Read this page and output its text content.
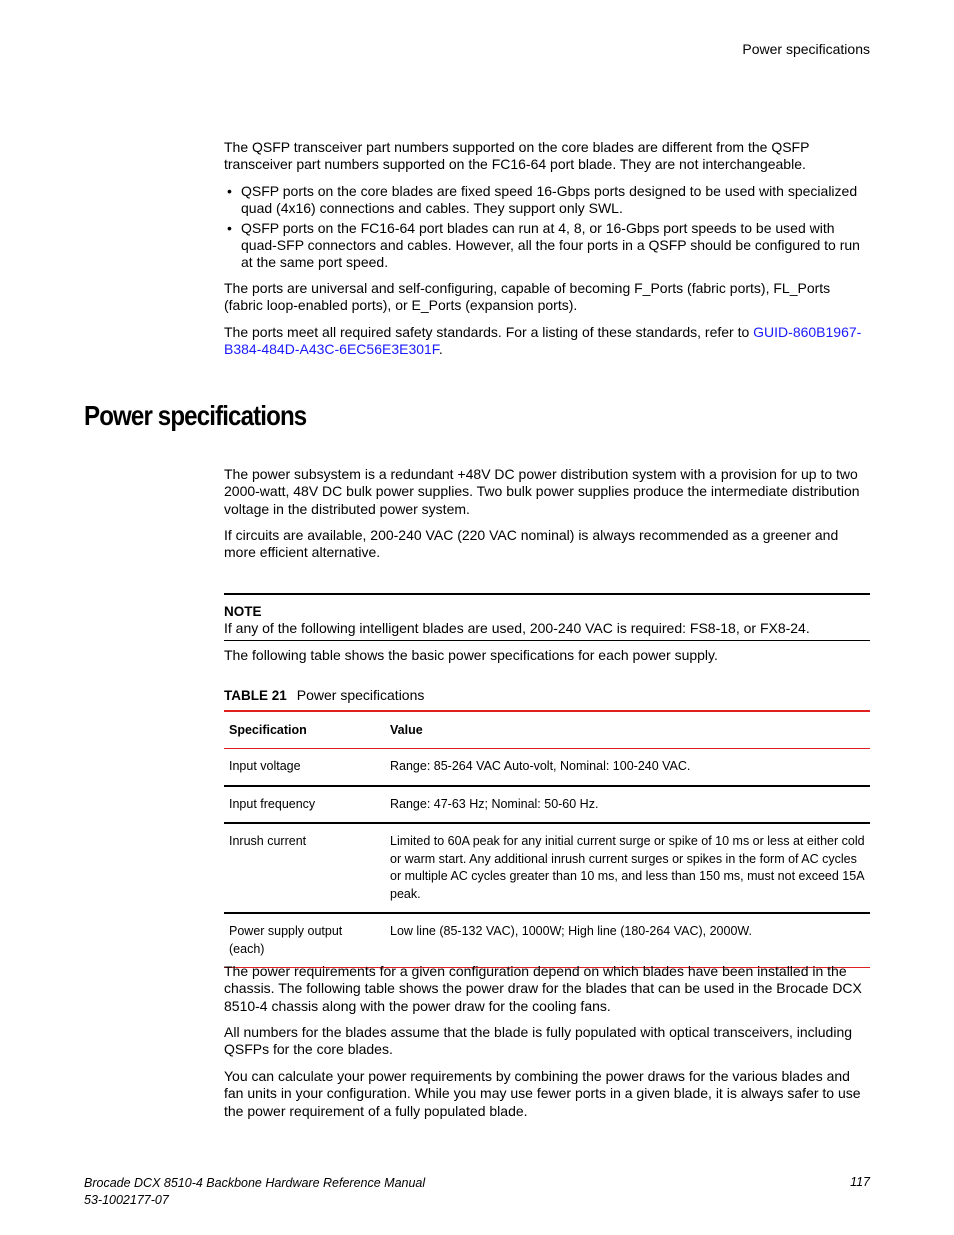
Power specifications

The QSFP transceiver part numbers supported on the core blades are different from the QSFP transceiver part numbers supported on the FC16-64 port blade. They are not interchangeable.

• QSFP ports on the core blades are fixed speed 16-Gbps ports designed to be used with specialized quad (4x16) connections and cables. They support only SWL.
• QSFP ports on the FC16-64 port blades can run at 4, 8, or 16-Gbps port speeds to be used with quad-SFP connectors and cables. However, all the four ports in a QSFP should be configured to run at the same port speed.

The ports are universal and self-configuring, capable of becoming F_Ports (fabric ports), FL_Ports (fabric loop-enabled ports), or E_Ports (expansion ports).

The ports meet all required safety standards. For a listing of these standards, refer to GUID-860B1967-B384-484D-A43C-6EC56E3E301F.

Power specifications

The power subsystem is a redundant +48V DC power distribution system with a provision for up to two 2000-watt, 48V DC bulk power supplies. Two bulk power supplies produce the intermediate distribution voltage in the distributed power system.

If circuits are available, 200-240 VAC (220 VAC nominal) is always recommended as a greener and more efficient alternative.

NOTE
If any of the following intelligent blades are used, 200-240 VAC is required: FS8-18, or FX8-24.

The following table shows the basic power specifications for each power supply.

TABLE 21 Power specifications
Specification	Value
Input voltage	Range: 85-264 VAC Auto-volt, Nominal: 100-240 VAC.
Input frequency	Range: 47-63 Hz; Nominal: 50-60 Hz.
Inrush current	Limited to 60A peak for any initial current surge or spike of 10 ms or less at either cold or warm start. Any additional inrush current surges or spikes in the form of AC cycles or multiple AC cycles greater than 10 ms, and less than 150 ms, must not exceed 15A peak.
Power supply output (each)	Low line (85-132 VAC), 1000W; High line (180-264 VAC), 2000W.

The power requirements for a given configuration depend on which blades have been installed in the chassis. The following table shows the power draw for the blades that can be used in the Brocade DCX 8510-4 chassis along with the power draw for the cooling fans.

All numbers for the blades assume that the blade is fully populated with optical transceivers, including QSFPs for the core blades.

You can calculate your power requirements by combining the power draws for the various blades and fan units in your configuration. While you may use fewer ports in a given blade, it is always safer to use the power requirement of a fully populated blade.

Brocade DCX 8510-4 Backbone Hardware Reference Manual
53-1002177-07
117
